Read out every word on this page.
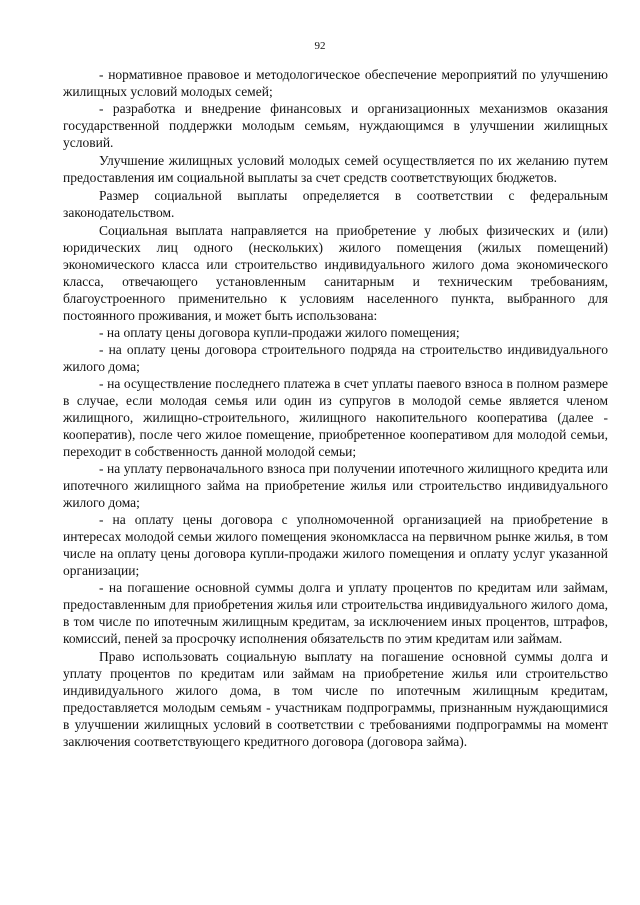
92

- нормативное правовое и методологическое обеспечение мероприятий по улучшению жилищных условий молодых семей;

- разработка и внедрение финансовых и организационных механизмов оказания государственной поддержки молодым семьям, нуждающимся в улучшении жилищных условий.

Улучшение жилищных условий молодых семей осуществляется по их желанию путем предоставления им социальной выплаты за счет средств соответствующих бюджетов.

Размер социальной выплаты определяется в соответствии с федеральным законодательством.

Социальная выплата направляется на приобретение у любых физических и (или) юридических лиц одного (нескольких) жилого помещения (жилых помещений) экономического класса или строительство индивидуального жилого дома экономического класса, отвечающего установленным санитарным и техническим требованиям, благоустроенного применительно к условиям населенного пункта, выбранного для постоянного проживания, и может быть использована:

- на оплату цены договора купли-продажи жилого помещения;

- на оплату цены договора строительного подряда на строительство индивидуального жилого дома;

- на осуществление последнего платежа в счет уплаты паевого взноса в полном размере в случае, если молодая семья или один из супругов в молодой семье является членом жилищного, жилищно-строительного, жилищного накопительного кооператива (далее - кооператив), после чего жилое помещение, приобретенное кооперативом для молодой семьи, переходит в собственность данной молодой семьи;

- на уплату первоначального взноса при получении ипотечного жилищного кредита или ипотечного жилищного займа на приобретение жилья или строительство индивидуального жилого дома;

- на оплату цены договора с уполномоченной организацией на приобретение в интересах молодой семьи жилого помещения экономкласса на первичном рынке жилья, в том числе на оплату цены договора купли-продажи жилого помещения и оплату услуг указанной организации;

- на погашение основной суммы долга и уплату процентов по кредитам или займам, предоставленным для приобретения жилья или строительства индивидуального жилого дома, в том числе по ипотечным жилищным кредитам, за исключением иных процентов, штрафов, комиссий, пеней за просрочку исполнения обязательств по этим кредитам или займам.

Право использовать социальную выплату на погашение основной суммы долга и уплату процентов по кредитам или займам на приобретение жилья или строительство индивидуального жилого дома, в том числе по ипотечным жилищным кредитам, предоставляется молодым семьям - участникам подпрограммы, признанным нуждающимися в улучшении жилищных условий в соответствии с требованиями подпрограммы на момент заключения соответствующего кредитного договора (договора займа).
